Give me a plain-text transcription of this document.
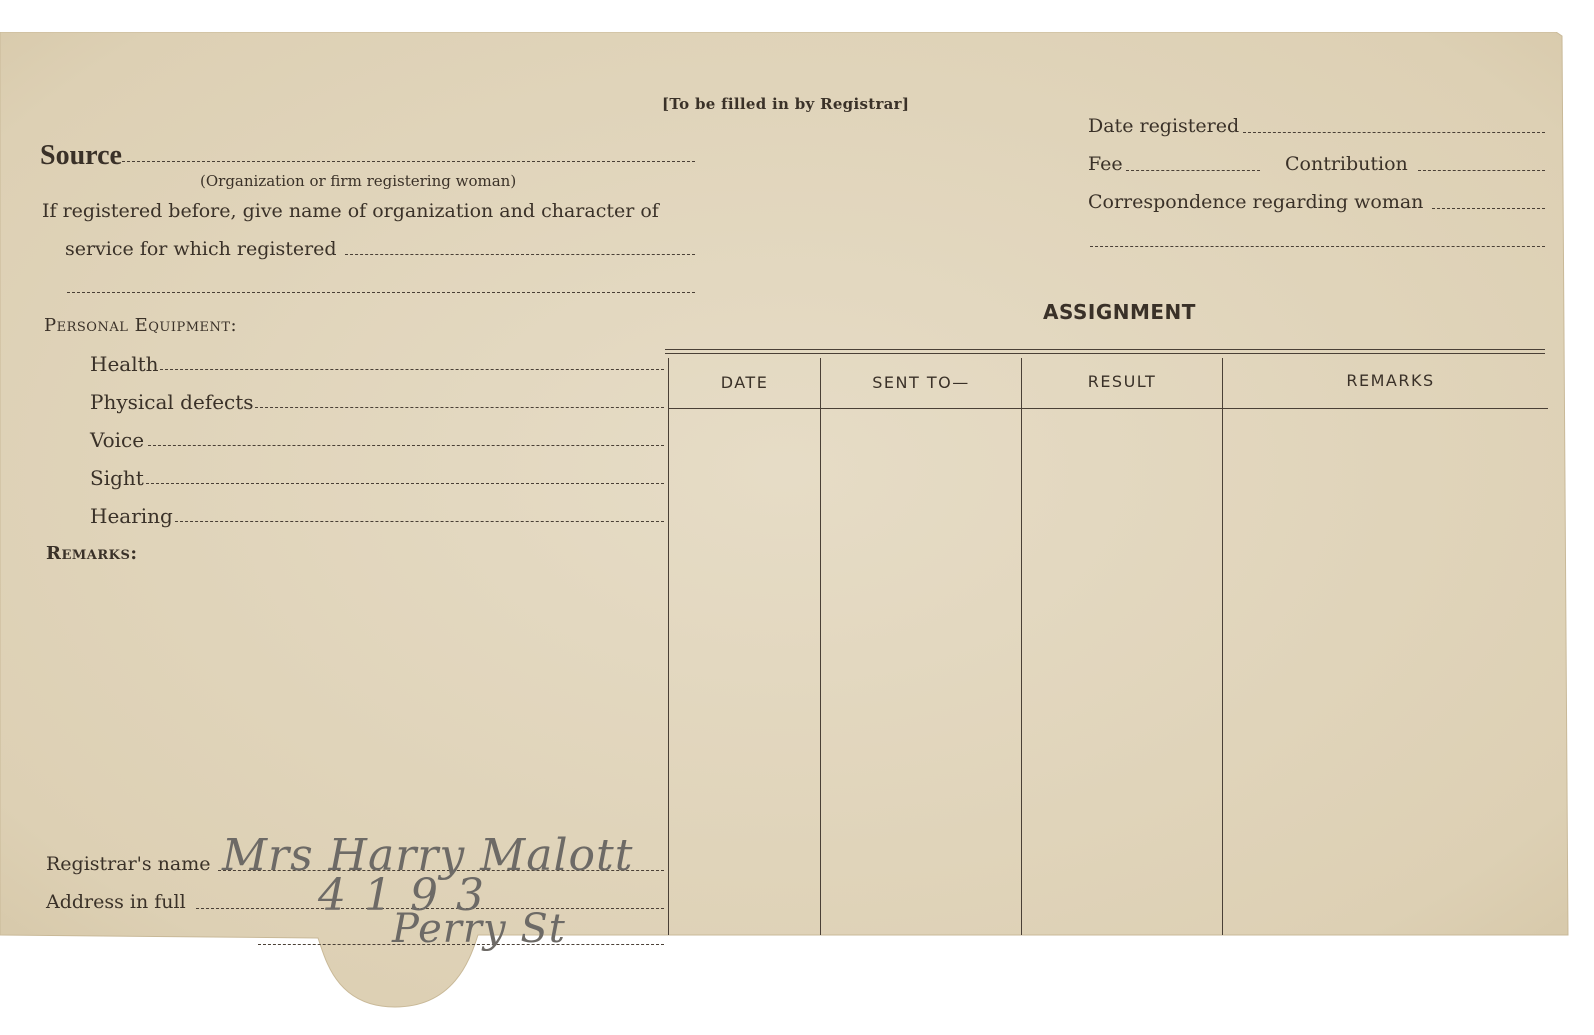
[To be filled in by Registrar]
Source
(Organization or firm registering woman)
If registered before, give name of organization and character of
service for which registered
Personal Equipment:
Health
Physical defects
Voice
Sight
Hearing
Remarks:
Registrar's name Mrs Harry Malott
Address in full	4193
Perry St
Date registered
Fee	Contribution
Correspondence regarding woman
ASSIGNMENT
DATE	SENT TO—	RESULT	REMARKS
